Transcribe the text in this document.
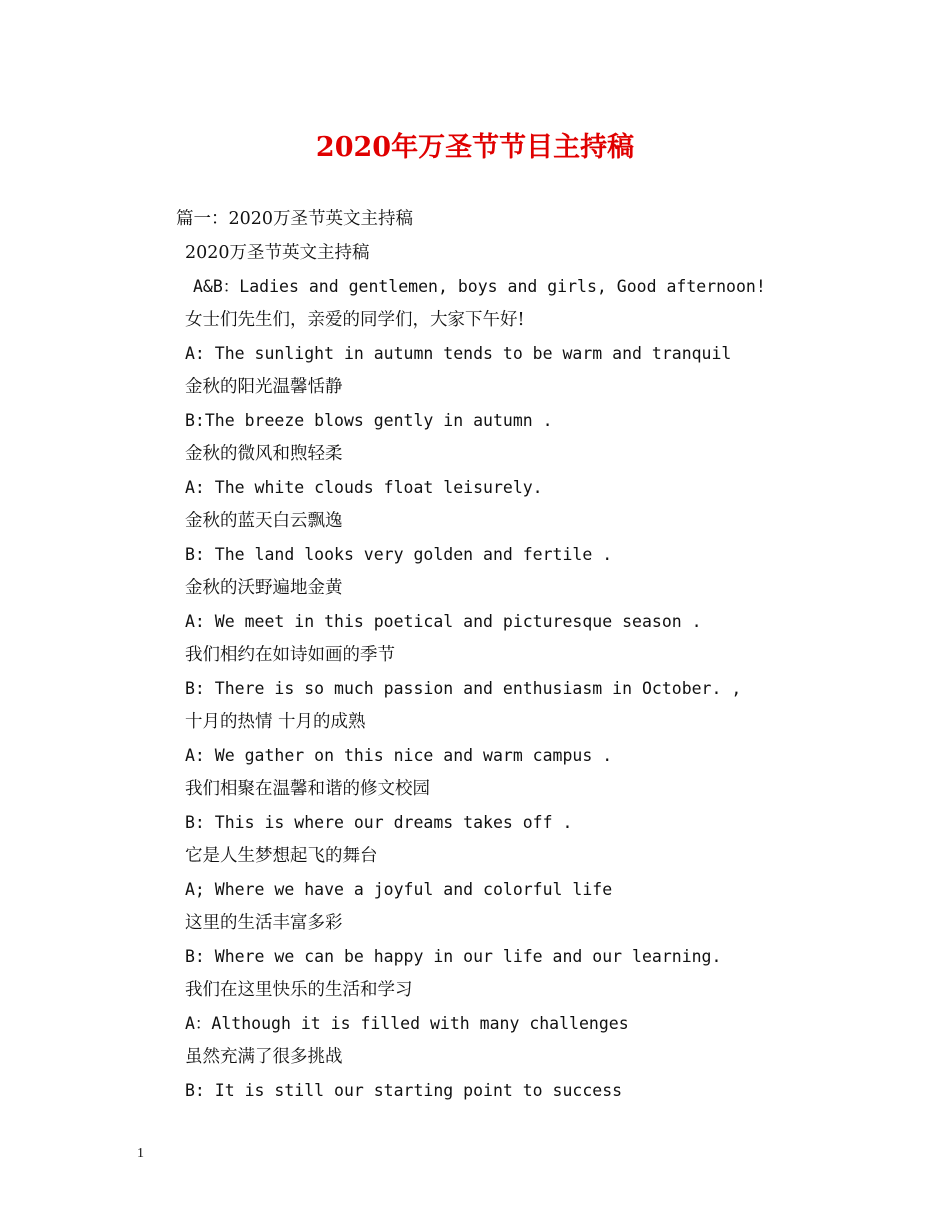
2020年万圣节节目主持稿
篇一：2020万圣节英文主持稿
2020万圣节英文主持稿
A&B：Ladies and gentlemen, boys and girls, Good afternoon!
女士们先生们，亲爱的同学们，大家下午好!
A: The sunlight in autumn tends to be warm and tranquil
金秋的阳光温馨恬静
B:The breeze blows gently in autumn .
金秋的微风和煦轻柔
A: The white clouds float leisurely.
金秋的蓝天白云飘逸
B: The land looks very golden and fertile .
金秋的沃野遍地金黄
A: We meet in this poetical and picturesque season .
我们相约在如诗如画的季节
B: There is so much passion and enthusiasm in October. ,
十月的热情 十月的成熟
A: We gather on this nice and warm campus .
我们相聚在温馨和谐的修文校园
B: This is where our dreams takes off .
它是人生梦想起飞的舞台
A; Where we have a joyful and colorful life
这里的生活丰富多彩
B: Where we can be happy in our life and our learning.
我们在这里快乐的生活和学习
A：Although it is filled with many challenges
虽然充满了很多挑战
B: It is still our starting point to success
1
